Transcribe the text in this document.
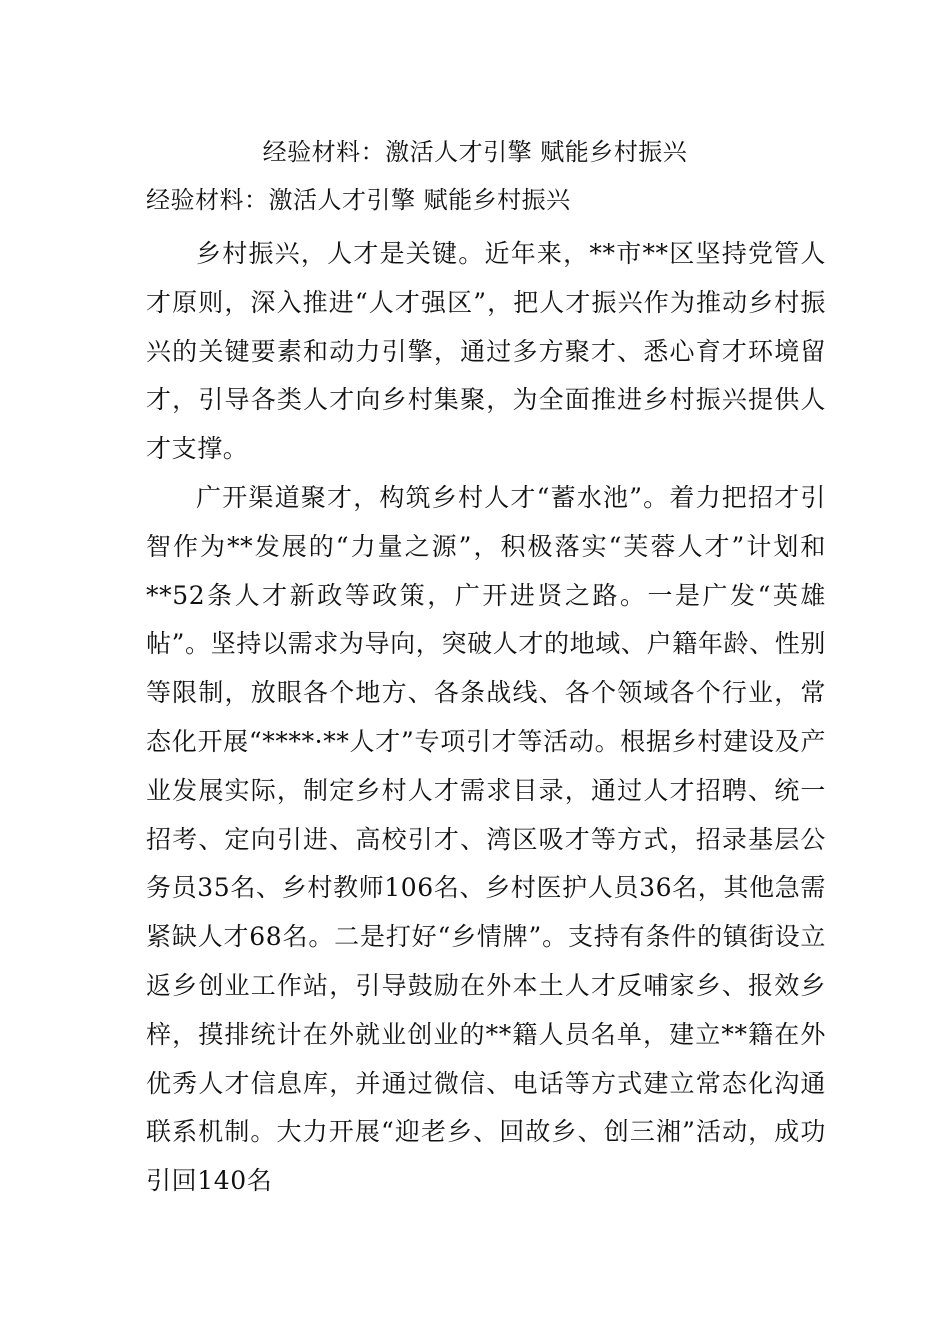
经验材料：激活人才引擎 赋能乡村振兴
经验材料：激活人才引擎 赋能乡村振兴

乡村振兴，人才是关键。近年来，**市**区坚持党管人才原则，深入推进“人才强区”，把人才振兴作为推动乡村振兴的关键要素和动力引擎，通过多方聚才、悉心育才环境留才，引导各类人才向乡村集聚，为全面推进乡村振兴提供人才支撑。

广开渠道聚才，构筑乡村人才“蓄水池”。着力把招才引智作为**发展的“力量之源”，积极落实“芙蓉人才”计划和**52条人才新政等政策，广开进贤之路。一是广发“英雄帖”。坚持以需求为导向，突破人才的地域、户籍年龄、性别等限制，放眼各个地方、各条战线、各个领域各个行业，常态化开展“****·**人才”专项引才等活动。根据乡村建设及产业发展实际，制定乡村人才需求目录，通过人才招聘、统一招考、定向引进、高校引才、湾区吸才等方式，招录基层公务员35名、乡村教师106名、乡村医护人员36名，其他急需紧缺人才68名。二是打好“乡情牌”。支持有条件的镇街设立返乡创业工作站，引导鼓励在外本土人才反哺家乡、报效乡梓，摸排统计在外就业创业的**籍人员名单，建立**籍在外优秀人才信息库，并通过微信、电话等方式建立常态化沟通联系机制。大力开展“迎老乡、回故乡、创三湘”活动，成功引回140名
